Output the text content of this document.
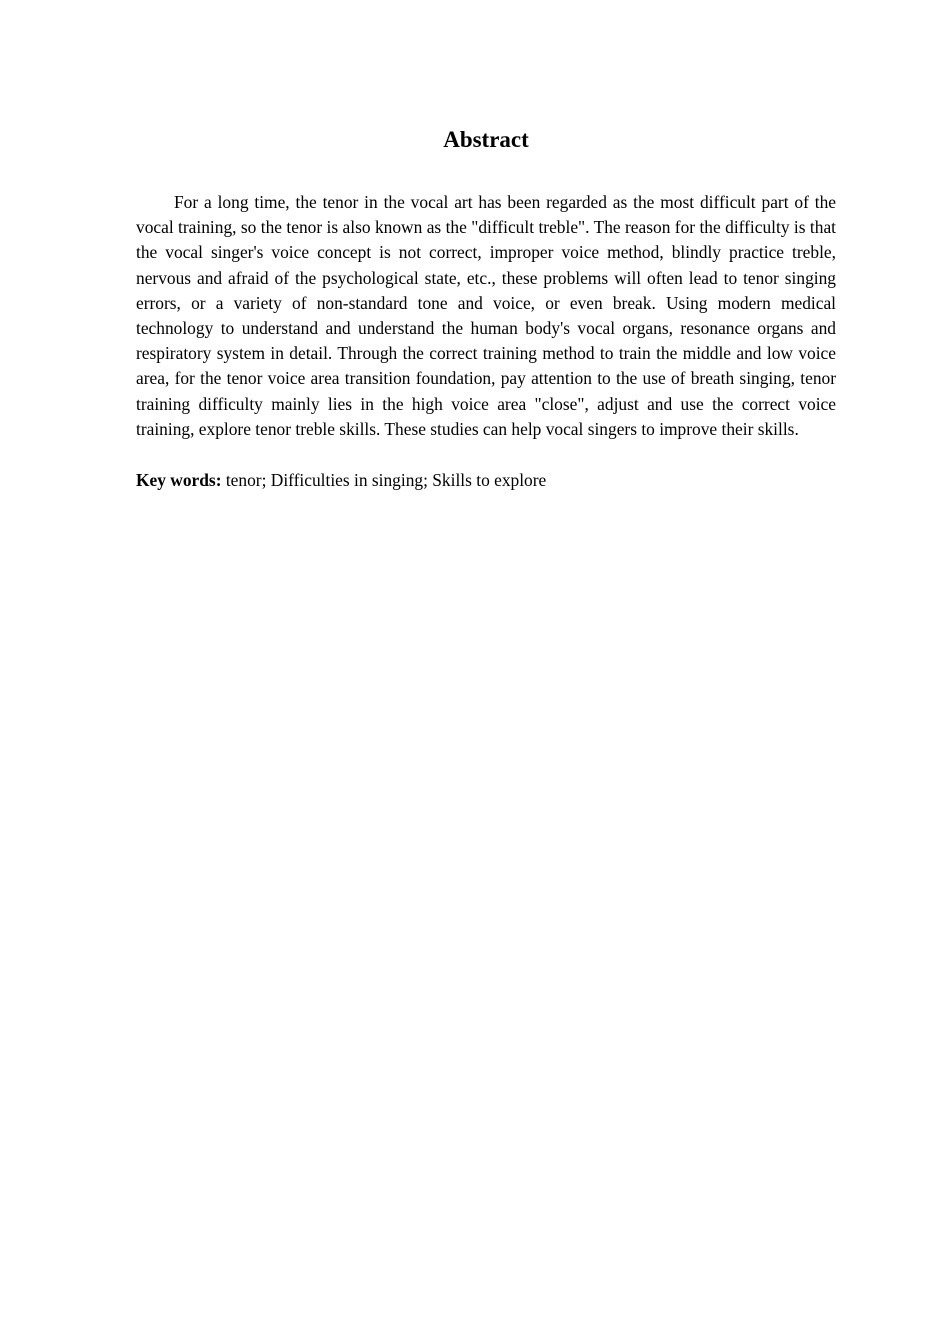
Abstract

For a long time, the tenor in the vocal art has been regarded as the most difficult part of the vocal training, so the tenor is also known as the "difficult treble". The reason for the difficulty is that the vocal singer's voice concept is not correct, improper voice method, blindly practice treble, nervous and afraid of the psychological state, etc., these problems will often lead to tenor singing errors, or a variety of non-standard tone and voice, or even break. Using modern medical technology to understand and understand the human body's vocal organs, resonance organs and respiratory system in detail. Through the correct training method to train the middle and low voice area, for the tenor voice area transition foundation, pay attention to the use of breath singing, tenor training difficulty mainly lies in the high voice area "close", adjust and use the correct voice training, explore tenor treble skills. These studies can help vocal singers to improve their skills.

Key words: tenor; Difficulties in singing; Skills to explore
